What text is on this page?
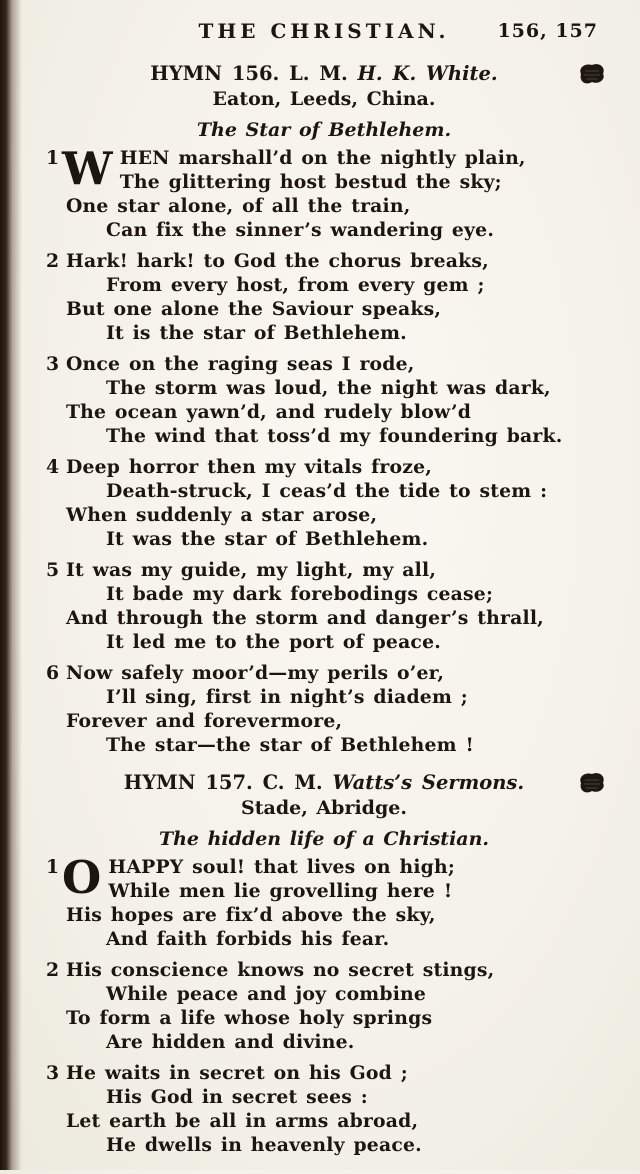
THE CHRISTIAN.	156, 157
HYMN 156. L. M. H. K. White.
Eaton, Leeds, China.
The Star of Bethlehem.
1 W HEN marshall’d on the nightly plain,
The glittering host bestud the sky;
One star alone, of all the train,
Can fix the sinner’s wandering eye.
2 Hark! hark! to God the chorus breaks,
From every host, from every gem ;
But one alone the Saviour speaks,
It is the star of Bethlehem.
3 Once on the raging seas I rode,
The storm was loud, the night was dark,
The ocean yawn’d, and rudely blow’d
The wind that toss’d my foundering bark.
4 Deep horror then my vitals froze,
Death-struck, I ceas’d the tide to stem :
When suddenly a star arose,
It was the star of Bethlehem.
5 It was my guide, my light, my all,
It bade my dark forebodings cease;
And through the storm and danger’s thrall,
It led me to the port of peace.
6 Now safely moor’d—my perils o’er,
I’ll sing, first in night’s diadem ;
Forever and forevermore,
The star—the star of Bethlehem !
HYMN 157. C. M. Watts’s Sermons.
Stade, Abridge.
The hidden life of a Christian.
1 O HAPPY soul! that lives on high;
While men lie grovelling here !
His hopes are fix’d above the sky,
And faith forbids his fear.
2 His conscience knows no secret stings,
While peace and joy combine
To form a life whose holy springs
Are hidden and divine.
3 He waits in secret on his God ;
His God in secret sees :
Let earth be all in arms abroad,
He dwells in heavenly peace.
